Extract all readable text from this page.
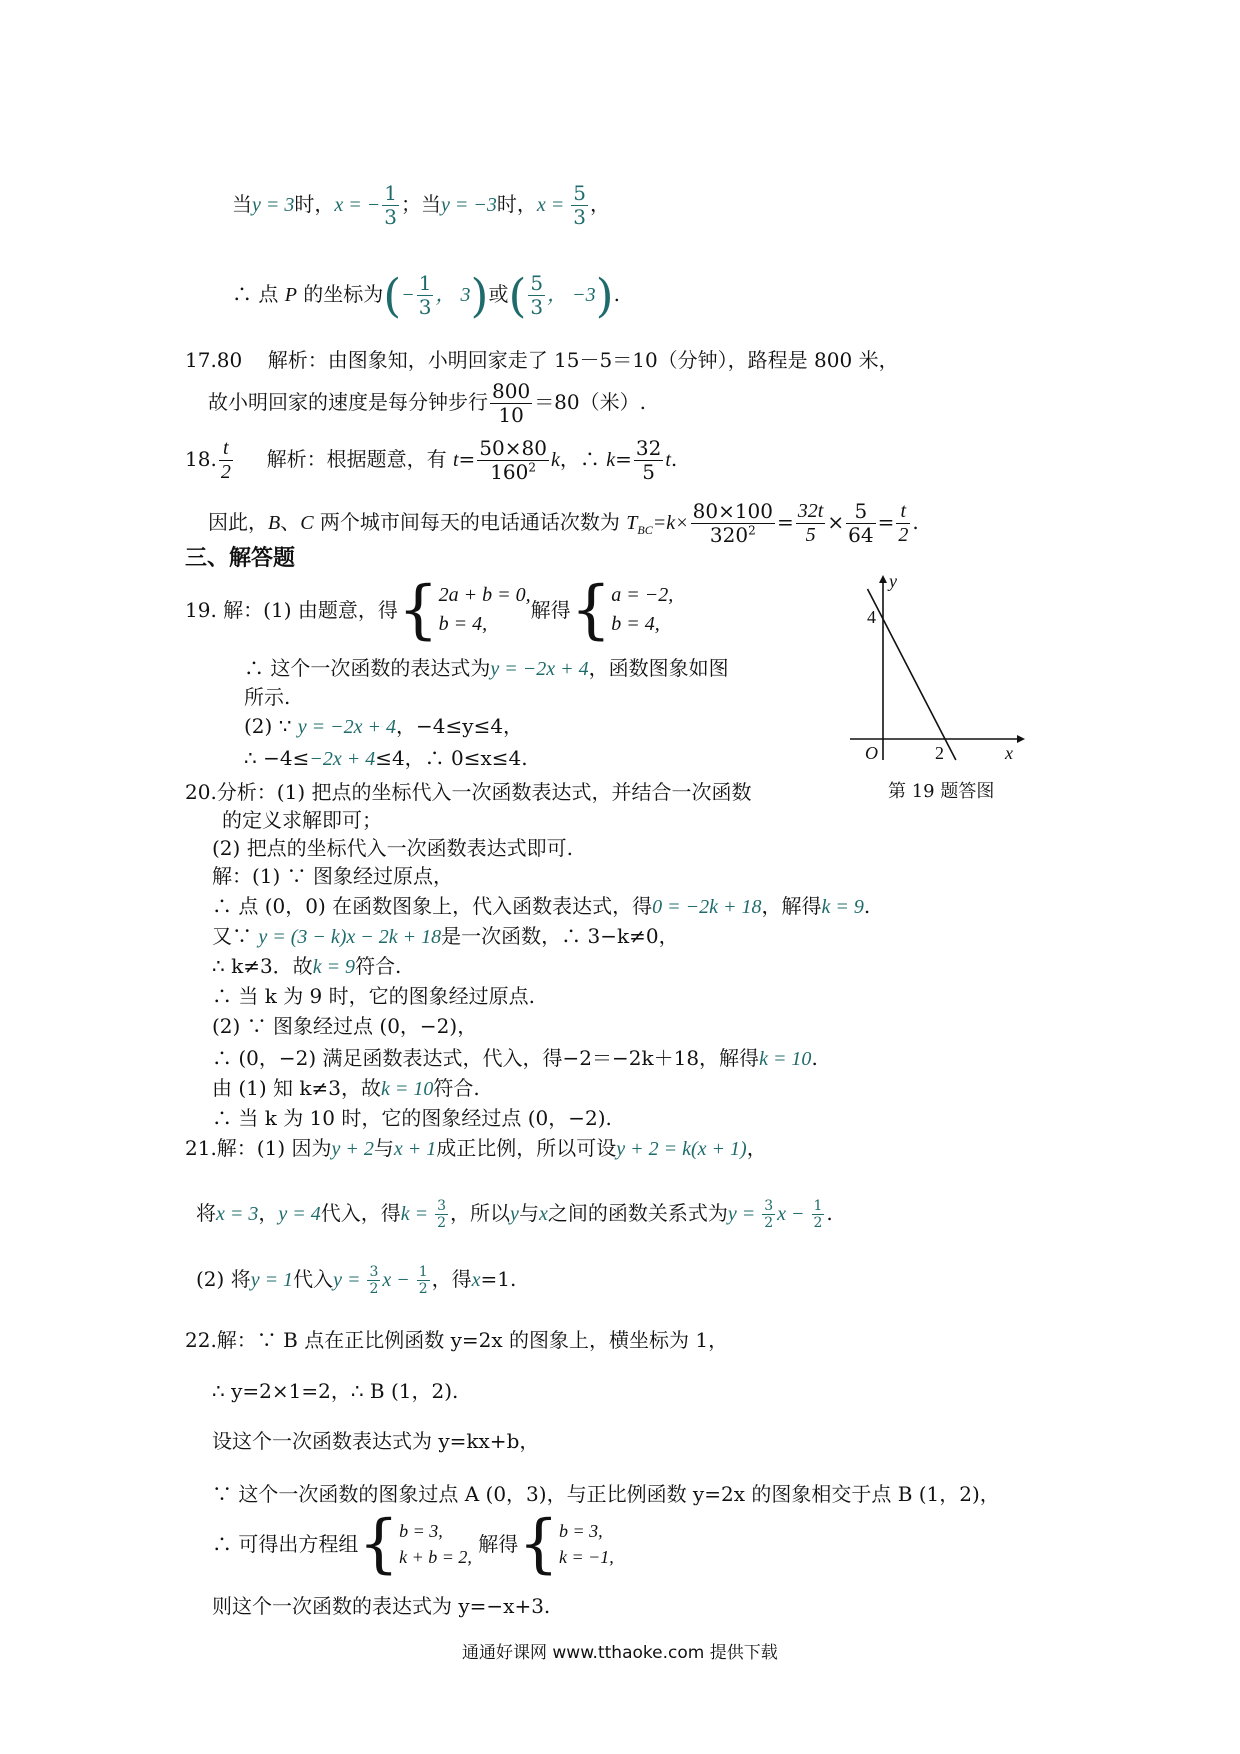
当y = 3时，x = − $\frac{1}{3}$ ；当y = −3时，$x = \frac{5}{3}$ ，
∴ 点 P 的坐标为(− $\frac{1}{3}$ ， 3)或( $\frac{5}{3}$ ， −3).
17.80 解析：由图象知，小明回家走了 15－5＝10（分钟），路程是 800 米，
故小明回家的速度是每分钟步行 $\frac{800}{10} =80$（米）.
18. $\frac{t}{2}$ 解析：根据题意，有 $t= \frac{50\times 80}{160^2}$ k，∴ $k= \frac{32}{5} t$.
因此，B、C 两个城市间每天的电话通话次数为 $T_{BC}=k\times \frac{80\times 100}{320^2} = \frac{32t}{5} \times \frac{5}{64} = \frac{t}{2}$ .
三、解答题
19. 解：(1) 由题意，得{ 2a + b = 0,
b = 4,
解得{ a = −2,
b = 4,
∴ 这个一次函数的表达式为y = −2x + 4，函数图象如图
所示.
(2) ∵ y = −2x + 4，−4≤y≤4，
∴ −4≤−2x + 4≤4，∴ 0≤x≤4.
y
x
O
4
2
第 19 题答图
20.分析：(1) 把点的坐标代入一次函数表达式，并结合一次函数
的定义求解即可；
(2) 把点的坐标代入一次函数表达式即可.
解：(1) ∵ 图象经过原点，
∴ 点 (0，0) 在函数图象上，代入函数表达式，得0 = −2k + 18，解得k = 9.
又∵ y = (3 − k)x − 2k + 18是一次函数，∴ 3−k≠0，
∴ k≠3．故k = 9符合.
∴ 当 k 为 9 时，它的图象经过原点.
(2) ∵ 图象经过点 (0，−2)，
∴ (0，−2) 满足函数表达式，代入，得−2＝−2k＋18，解得k = 10.
由 (1) 知 k≠3，故k = 10符合.
∴ 当 k 为 10 时，它的图象经过点 (0，−2).
21.解：(1) 因为y + 2与x + 1成正比例，所以可设y + 2 = k(x + 1)，
将x = 3，y = 4代入，得$k = \frac{3}{2}$ ，所以y与x之间的函数关系式为$y = \frac{3}{2}$ $x - \frac{1}{2}$ .
(2) 将y = 1代入$y = \frac{3}{2}$ $x - \frac{1}{2}$ ，得x=1.
22.解：∵ B 点在正比例函数 y=2x 的图象上，横坐标为 1，
∴ y=2×1=2，∴ B (1，2).
设这个一次函数表达式为 y=kx+b，
∵ 这个一次函数的图象过点 A (0，3)，与正比例函数 y=2x 的图象相交于点 B (1，2)，
∴ 可得出方程组{ b = 3,
k + b = 2,
解得{ b = 3,
k = −1,
则这个一次函数的表达式为 y=−x+3.
通通好课网 www.tthaoke.com 提供下载
